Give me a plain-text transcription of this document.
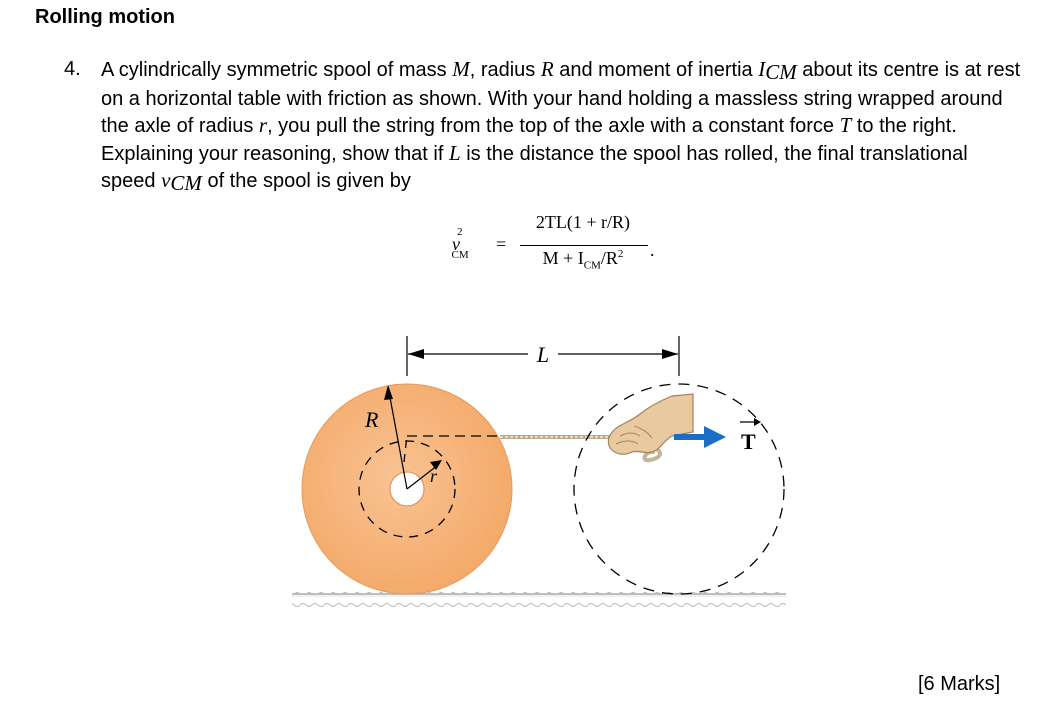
Rolling motion
4. A cylindrically symmetric spool of mass M, radius R and moment of inertia $I_{CM}$ about its centre is at rest on a horizontal table with friction as shown. With your hand holding a massless string wrapped around the axle of radius r, you pull the string from the top of the axle with a constant force T to the right. Explaining your reasoning, show that if L is the distance the spool has rolled, the final translational speed $v_{CM}$ of the spool is given by
$v^2_{CM}$
=
2TL(1 + r/R)
$M + I_{CM}/R^2$	.
L
R
r
T
[6 Marks]
